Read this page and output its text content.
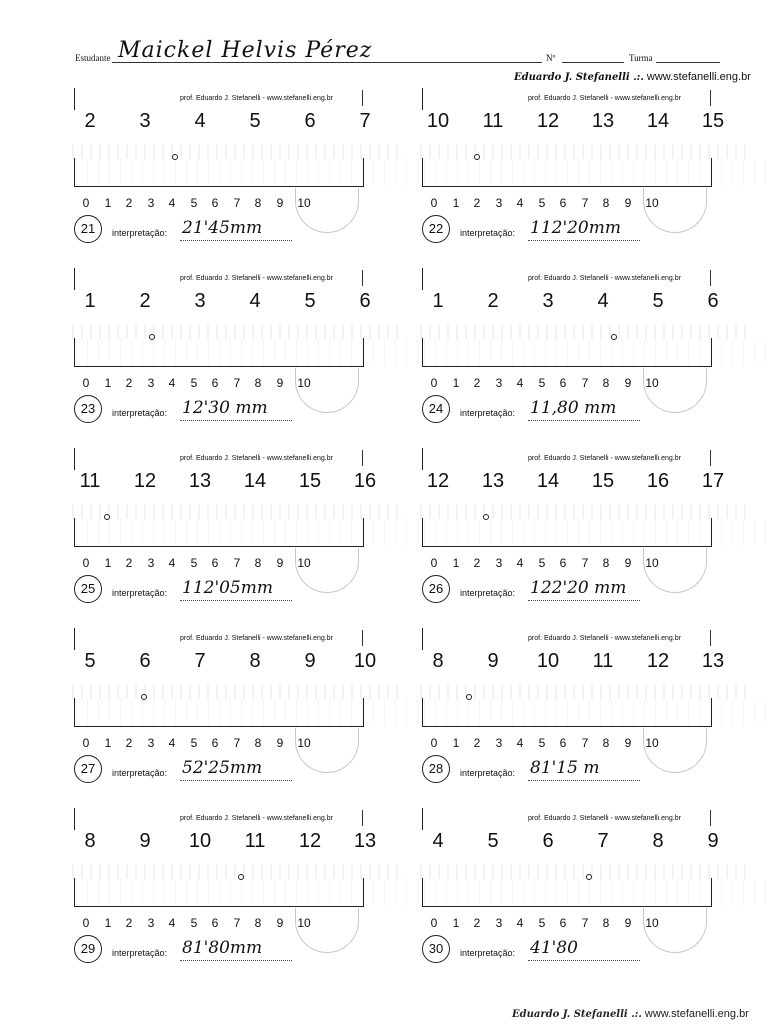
Estudante Maickel Helvis Pérez	Nº	Turma
Eduardo J. Stefanelli .:. www.stefanelli.eng.br
prof. Eduardo J. Stefanelli - www.stefanelli.eng.br
2	3	4	5	6	7
0	1	2	3	4	5	6	7	8	9	10
21	interpretação: 21'45mm
prof. Eduardo J. Stefanelli - www.stefanelli.eng.br
10	11	12	13	14	15
0	1	2	3	4	5	6	7	8	9	10
22	interpretação: 112'20mm
prof. Eduardo J. Stefanelli - www.stefanelli.eng.br
1	2	3	4	5	6
0	1	2	3	4	5	6	7	8	9	10
23	interpretação: 12'30 mm
prof. Eduardo J. Stefanelli - www.stefanelli.eng.br
1	2	3	4	5	6
0	1	2	3	4	5	6	7	8	9	10
24	interpretação: 11,80 mm
prof. Eduardo J. Stefanelli - www.stefanelli.eng.br
11	12	13	14	15	16
0	1	2	3	4	5	6	7	8	9	10
25	interpretação: 112'05mm
prof. Eduardo J. Stefanelli - www.stefanelli.eng.br
12	13	14	15	16	17
0	1	2	3	4	5	6	7	8	9	10
26	interpretação: 122'20 mm
prof. Eduardo J. Stefanelli - www.stefanelli.eng.br
5	6	7	8	9	10
0	1	2	3	4	5	6	7	8	9	10
27	interpretação: 52'25mm
prof. Eduardo J. Stefanelli - www.stefanelli.eng.br
8	9	10	11	12	13
0	1	2	3	4	5	6	7	8	9	10
28	interpretação: 81'15 m
prof. Eduardo J. Stefanelli - www.stefanelli.eng.br
8	9	10	11	12	13
0	1	2	3	4	5	6	7	8	9	10
29	interpretação: 81'80mm
prof. Eduardo J. Stefanelli - www.stefanelli.eng.br
4	5	6	7	8	9
0	1	2	3	4	5	6	7	8	9	10
30	interpretação: 41'80
Eduardo J. Stefanelli .:. www.stefanelli.eng.br
